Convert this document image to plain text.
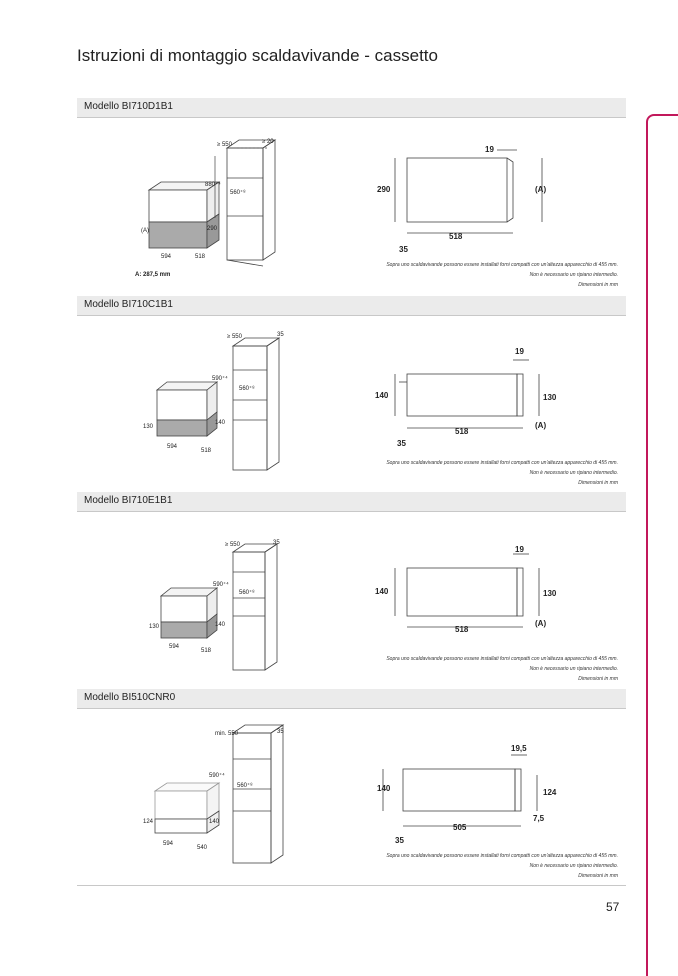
Istruzioni di montaggio scaldavivande - cassetto
Modello BI710D1B1
≥ 550	≥ 20
880⁺⁴
560⁺⁸
(A)	290
594	518
A: 287,5 mm
19
290	(A)
518
35
Sopra uno scaldavivande possono essere installati forni compatti con un'altezza apparecchio di 455 mm.
Non è necessario un ripiano intermedio.
Dimensioni in mm
Modello BI710C1B1
≥ 550	35
590⁺⁴
560⁺⁸
130
140
594
518
19
140	130
(A)
518
35
Sopra uno scaldavivande possono essere installati forni compatti con un'altezza apparecchio di 455 mm.
Non è necessario un ripiano intermedio.
Dimensioni in mm
Modello BI710E1B1
≥ 550	35
590⁺⁴
560⁺⁸
130	140
594
518
19
140	130
(A)
518
Sopra uno scaldavivande possono essere installati forni compatti con un'altezza apparecchio di 455 mm.
Non è necessario un ripiano intermedio.
Dimensioni in mm
Modello BI510CNR0
min. 550	35
590⁺⁴
560⁺⁸
124	140
594
540
19,5
140	124
7,5
505
35
Sopra uno scaldavivande possono essere installati forni compatti con un'altezza apparecchio di 455 mm.
Non è necessario un ripiano intermedio.
Dimensioni in mm
57
